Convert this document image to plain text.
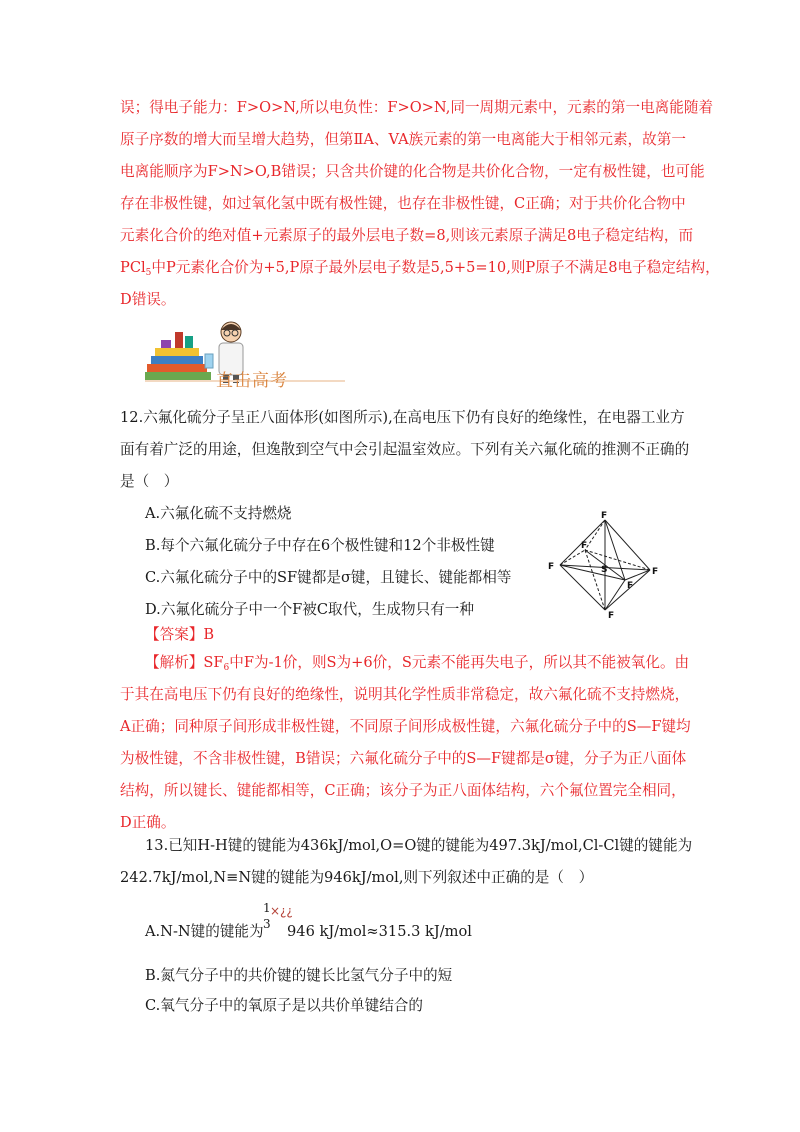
误；得电子能力：F>O>N,所以电负性：F>O>N,同一周期元素中，元素的第一电离能随着
原子序数的增大而呈增大趋势，但第ⅡA、VA族元素的第一电离能大于相邻元素，故第一
电离能顺序为F>N>O,B错误；只含共价键的化合物是共价化合物，一定有极性键，也可能
存在非极性键，如过氧化氢中既有极性键，也存在非极性键，C正确；对于共价化合物中
元素化合价的绝对值+元素原子的最外层电子数=8,则该元素原子满足8电子稳定结构，而
PCl$_5$中P元素化合价为+5,P原子最外层电子数是5,5+5=10,则P原子不满足8电子稳定结构，
D错误。
直击高考
12.六氟化硫分子呈正八面体形(如图所示),在高电压下仍有良好的绝缘性，在电器工业方
面有着广泛的用途，但逸散到空气中会引起温室效应。下列有关六氟化硫的推测不正确的
是（　）
A.六氟化硫不支持燃烧
B.每个六氟化硫分子中存在6个极性键和12个非极性键
C.六氟化硫分子中的SF键都是σ键，且键长、键能都相等
D.六氟化硫分子中一个F被C取代，生成物只有一种
F
F	F
S
F
F
F
【答案】B
【解析】$SF_6$中F为-1价，则S为+6价，S元素不能再失电子，所以其不能被氧化。由
于其在高电压下仍有良好的绝缘性，说明其化学性质非常稳定，故六氟化硫不支持燃烧，
A正确；同种原子间形成非极性键，不同原子间形成极性键，六氟化硫分子中的S—F键均
为极性键，不含非极性键，B错误；六氟化硫分子中的S—F键都是σ键，分子为正八面体
结构，所以键长、键能都相等，C正确；该分子为正八面体结构，六个氟位置完全相同，
D正确。
13.已知H-H键的键能为436kJ/mol,O=O键的键能为497.3kJ/mol,Cl-Cl键的键能为
242.7kJ/mol,N≡N键的键能为946kJ/mol,则下列叙述中正确的是（　）
A.N-N键的键能为
1
3
×¿¿
946 kJ/mol≈315.3 kJ/mol
B.氮气分子中的共价键的键长比氢气分子中的短
C.氧气分子中的氧原子是以共价单键结合的
